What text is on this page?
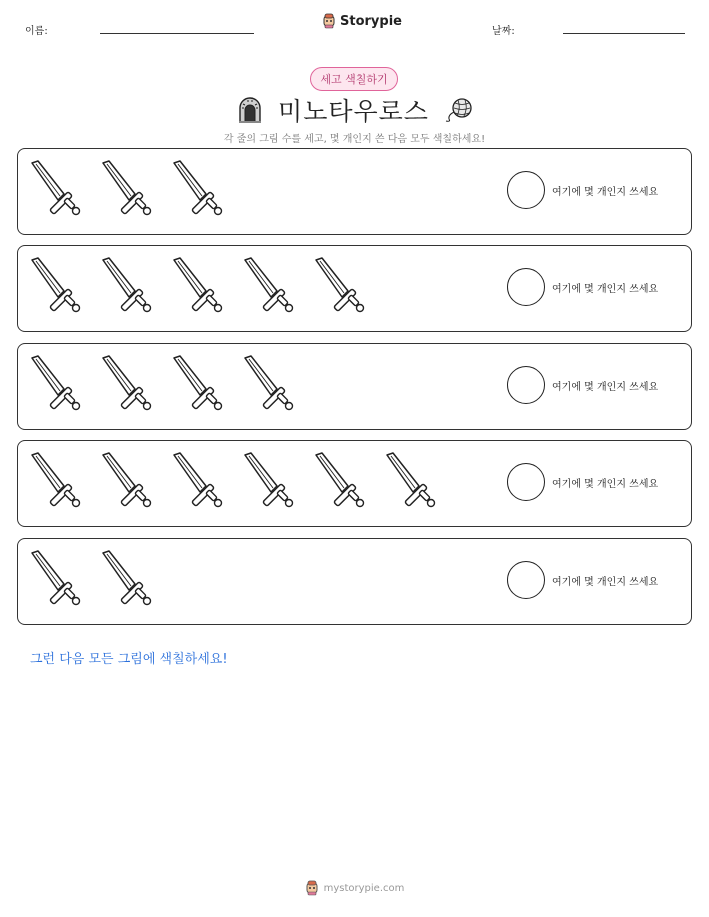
이름:
Storypie
날짜:
세고 색칠하기
미노타우로스
각 줄의 그림 수를 세고, 몇 개인지 쓴 다음 모두 색칠하세요!
여기에 몇 개인지 쓰세요
여기에 몇 개인지 쓰세요
여기에 몇 개인지 쓰세요
여기에 몇 개인지 쓰세요
여기에 몇 개인지 쓰세요
그런 다음 모든 그림에 색칠하세요!
mystorypie.com
